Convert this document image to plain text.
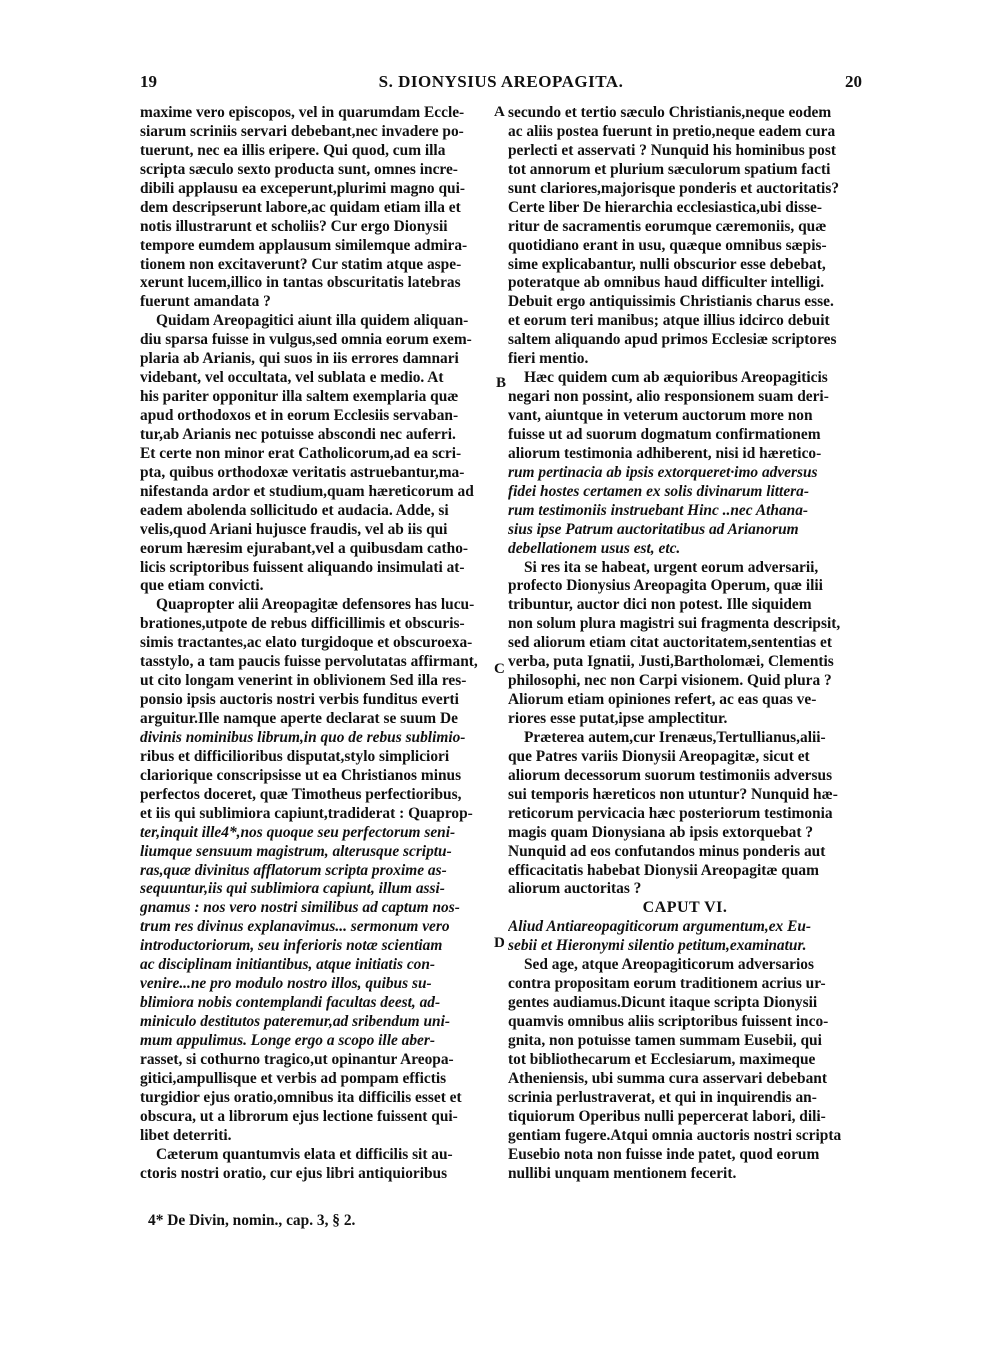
19	S. DIONYSIUS AREOPAGITA.	20
maxime vero episcopos, vel in quarumdam Eccle-
siarum scriniis servari debebant,nec invadere po-
tuerunt, nec ea illis eripere. Qui quod, cum illa
scripta sæculo sexto producta sunt, omnes incre-
dibili applausu ea exceperunt,plurimi magno qui-
dem descripserunt labore,ac quidam etiam illa et
notis illustrarunt et scholiis? Cur ergo Dionysii
tempore eumdem applausum similemque admira-
tionem non excitaverunt? Cur statim atque aspe-
xerunt lucem,illico in tantas obscuritatis latebras
fuerunt amandata ?
Quidam Areopagitici aiunt illa quidem aliquan-
diu sparsa fuisse in vulgus,sed omnia eorum exem-
plaria ab Arianis, qui suos in iis errores damnari
videbant, vel occultata, vel sublata e medio. At
his pariter opponitur illa saltem exemplaria quæ
apud orthodoxos et in eorum Ecclesiis servaban-
tur,ab Arianis nec potuisse abscondi nec auferri.
Et certe non minor erat Catholicorum,ad ea scri-
pta, quibus orthodoxæ veritatis astruebantur,ma-
nifestanda ardor et studium,quam hæreticorum ad
eadem abolenda sollicitudo et audacia. Adde, si
velis,quod Ariani hujusce fraudis, vel ab iis qui
eorum hæresim ejurabant,vel a quibusdam catho-
licis scriptoribus fuissent aliquando insimulati at-
que etiam convicti.
Quapropter alii Areopagitæ defensores has lucu-
brationes,utpote de rebus difficillimis et obscuris-
simis tractantes,ac elato turgidoque et obscuroexa-
tasstylo, a tam paucis fuisse pervolutatas affirmant,
ut cito longam venerint in oblivionem Sed illa res-
ponsio ipsis auctoris nostri verbis funditus everti
arguitur.Ille namque aperte declarat se suum De
divinis nominibus librum,in quo de rebus sublimio-
ribus et difficilioribus disputat,stylo simpliciori
clariorique conscripsisse ut ea Christianos minus
perfectos doceret, quæ Timotheus perfectioribus,
et iis qui sublimiora capiunt,tradiderat : Quaprop-
ter,inquit ille4*,nos quoque seu perfectorum seni-
liumque sensuum magistrum, alterusque scriptu-
ras,quæ divinitus afflatorum scripta proxime as-
sequuntur,iis qui sublimiora capiunt, illum assi-
gnamus : nos vero nostri similibus ad captum nos-
trum res divinus explanavimus... sermonum vero
introductoriorum, seu inferioris notæ scientiam
ac disciplinam initiantibus, atque initiatis con-
venire...ne pro modulo nostro illos, quibus su-
blimiora nobis contemplandi facultas deest, ad-
miniculo destitutos pateremur,ad sribendum uni-
mum appulimus. Longe ergo a scopo ille aber-
rasset, si cothurno tragico,ut opinantur Areopa-
gitici,ampullisque et verbis ad pompam effictis
turgidior ejus oratio,omnibus ita difficilis esset et
obscura, ut a librorum ejus lectione fuissent qui-
libet deterriti.
Cæterum quantumvis elata et difficilis sit au-
ctoris nostri oratio, cur ejus libri antiquioribus
secundo et tertio sæculo Christianis,neque eodem
ac aliis postea fuerunt in pretio,neque eadem cura
perlecti et asservati ? Nunquid his hominibus post
tot annorum et plurium sæculorum spatium facti
sunt clariores,majorisque ponderis et auctoritatis?
Certe liber De hierarchia ecclesiastica,ubi disse-
ritur de sacramentis eorumque cæremoniis, quæ
quotidiano erant in usu, quæque omnibus sæpis-
sime explicabantur, nulli obscurior esse debebat,
poteratque ab omnibus haud difficulter intelligi.
Debuit ergo antiquissimis Christianis charus esse.
et eorum teri manibus; atque illius idcirco debuit
saltem aliquando apud primos Ecclesiæ scriptores
fieri mentio.
Hæc quidem cum ab æquioribus Areopagiticis
negari non possint, alio responsionem suam deri-
vant, aiuntque in veterum auctorum more non
fuisse ut ad suorum dogmatum confirmationem
aliorum testimonia adhiberent, nisi id hæretico-
rum pertinacia ab ipsis extorqueret·imo adversus
fidei hostes certamen ex solis divinarum littera-
rum testimoniis instruebant Hinc ..nec Athana-
sius ipse Patrum auctoritatibus ad Arianorum
debellationem usus est, etc.
Si res ita se habeat, urgent eorum adversarii,
profecto Dionysius Areopagita Operum, quæ ilii
tribuntur, auctor dici non potest. Ille siquidem
non solum plura magistri sui fragmenta descripsit,
sed aliorum etiam citat auctoritatem,sententias et
verba, puta Ignatii, Justi,Bartholomæi, Clementis
philosophi, nec non Carpi visionem. Quid plura ?
Aliorum etiam opiniones refert, ac eas quas ve-
riores esse putat,ipse amplectitur.
Præterea autem,cur Irenæus,Tertullianus,alii-
que Patres variis Dionysii Areopagitæ, sicut et
aliorum decessorum suorum testimoniis adversus
sui temporis hæreticos non utuntur? Nunquid hæ-
reticorum pervicacia hæc posteriorum testimonia
magis quam Dionysiana ab ipsis extorquebat ?
Nunquid ad eos confutandos minus ponderis aut
efficacitatis habebat Dionysii Areopagitæ quam
aliorum auctoritas ?
CAPUT VI.
Aliud Antiareopagiticorum argumentum,ex Eu-
sebii et Hieronymi silentio petitum,examinatur.
Sed age, atque Areopagiticorum adversarios
contra propositam eorum traditionem acrius ur-
gentes audiamus.Dicunt itaque scripta Dionysii
quamvis omnibus aliis scriptoribus fuissent inco-
gnita, non potuisse tamen summam Eusebii, qui
tot bibliothecarum et Ecclesiarum, maximeque
Atheniensis, ubi summa cura asservari debebant
scrinia perlustraverat, et qui in inquirendis an-
tiquiorum Operibus nulli pepercerat labori, dili-
gentiam fugere.Atqui omnia auctoris nostri scripta
Eusebio nota non fuisse inde patet, quod eorum
nullibi unquam mentionem fecerit.
A
B
C
D
4* De Divin, nomin., cap. 3, § 2.
